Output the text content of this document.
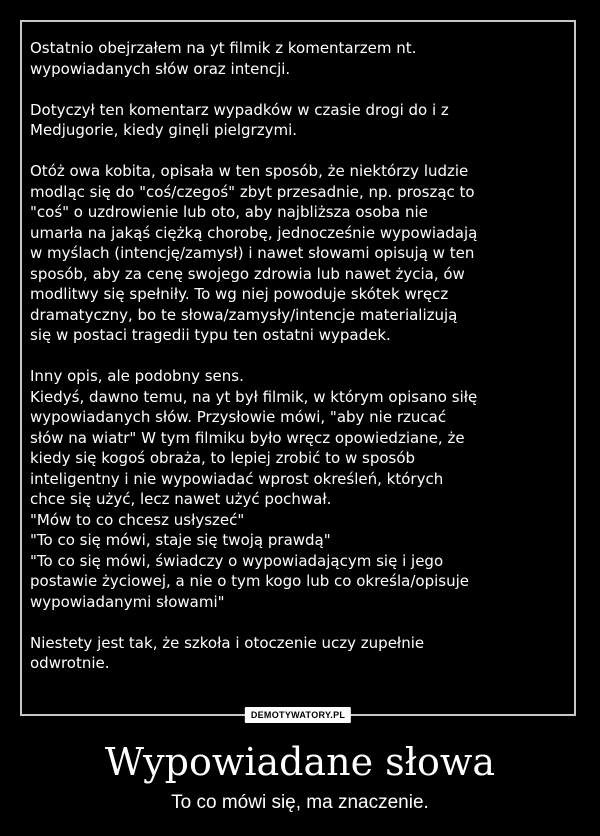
Ostatnio obejrzałem na yt filmik z komentarzem nt.
wypowiadanych słów oraz intencji.

Dotyczył ten komentarz wypadków w czasie drogi do i z
Medjugorie, kiedy ginęli pielgrzymi.

Otóż owa kobita, opisała w ten sposób, że niektórzy ludzie
modląc się do "coś/czegoś" zbyt przesadnie, np. prosząc to
"coś" o uzdrowienie lub oto, aby najbliższa osoba nie
umarła na jakąś ciężką chorobę, jednocześnie wypowiadają
w myślach (intencję/zamysł) i nawet słowami opisują w ten
sposób, aby za cenę swojego zdrowia lub nawet życia, ów
modlitwy się spełniły. To wg niej powoduje skótek wręcz
dramatyczny, bo te słowa/zamysły/intencje materializują
się w postaci tragedii typu ten ostatni wypadek.

Inny opis, ale podobny sens.
Kiedyś, dawno temu, na yt był filmik, w którym opisano siłę
wypowiadanych słów. Przysłowie mówi, "aby nie rzucać
słów na wiatr" W tym filmiku było wręcz opowiedziane, że
kiedy się kogoś obraża, to lepiej zrobić to w sposób
inteligentny i nie wypowiadać wprost określeń, których
chce się użyć, lecz nawet użyć pochwał.
"Mów to co chcesz usłyszeć"
"To co się mówi, staje się twoją prawdą"
"To co się mówi, świadczy o wypowiadającym się i jego
postawie życiowej, a nie o tym kogo lub co określa/opisuje
wypowiadanymi słowami"

Niestety jest tak, że szkoła i otoczenie uczy zupełnie
odwrotnie.

DEMOTYWATORY.PL
Wypowiadane słowa
To co mówi się, ma znaczenie.
